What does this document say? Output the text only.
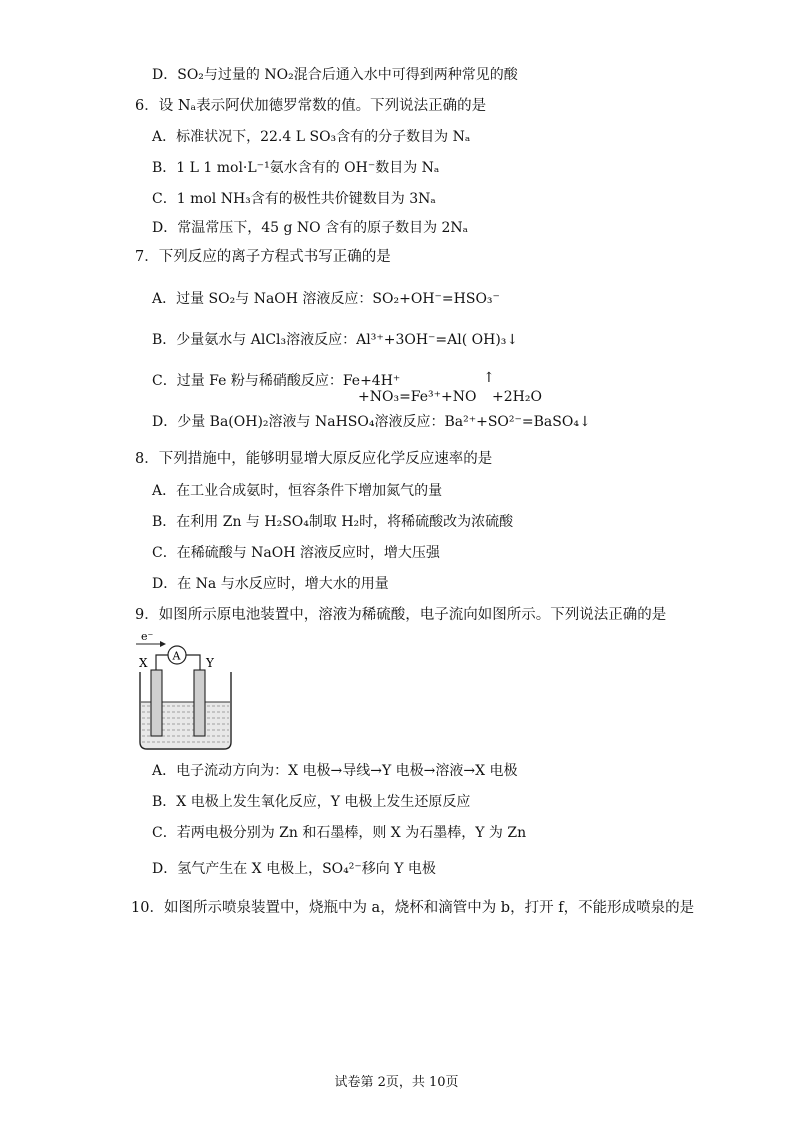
D．SO₂与过量的 NO₂混合后通入水中可得到两种常见的酸
6．设 Nₐ表示阿伏加德罗常数的值。下列说法正确的是
A．标准状况下，22.4 L SO₃含有的分子数目为 Nₐ
B．1 L 1 mol·L⁻¹氨水含有的 OH⁻数目为 Nₐ
C．1 mol NH₃含有的极性共价键数目为 3Nₐ
D．常温常压下，45 g NO 含有的原子数目为 2Nₐ
7．下列反应的离子方程式书写正确的是
A．过量 SO₂与 NaOH 溶液反应：SO₂+OH⁻=HSO₃⁻
B．少量氨水与 AlCl₃溶液反应：Al³⁺+3OH⁻=Al( OH)₃↓
C．过量 Fe 粉与稀硝酸反应：Fe+4H⁺	↑
+NO₃=Fe³⁺+NO +2H₂O
D．少量 Ba(OH)₂溶液与 NaHSO₄溶液反应：Ba²⁺+SO²⁻=BaSO₄↓
8．下列措施中，能够明显增大原反应化学反应速率的是
A．在工业合成氨时，恒容条件下增加氮气的量
B．在利用 Zn 与 H₂SO₄制取 H₂时，将稀硫酸改为浓硫酸
C．在稀硫酸与 NaOH 溶液反应时，增大压强
D．在 Na 与水反应时，增大水的用量
9．如图所示原电池装置中，溶液为稀硫酸，电子流向如图所示。下列说法正确的是
e⁻
X	Y
A
A．电子流动方向为：X 电极→导线→Y 电极→溶液→X 电极
B．X 电极上发生氧化反应，Y 电极上发生还原反应
C．若两电极分别为 Zn 和石墨棒，则 X 为石墨棒，Y 为 Zn
D．氢气产生在 X 电极上，SO₄²⁻移向 Y 电极
10．如图所示喷泉装置中，烧瓶中为 a，烧杯和滴管中为 b，打开 f，不能形成喷泉的是
试卷第 2页，共 10页
